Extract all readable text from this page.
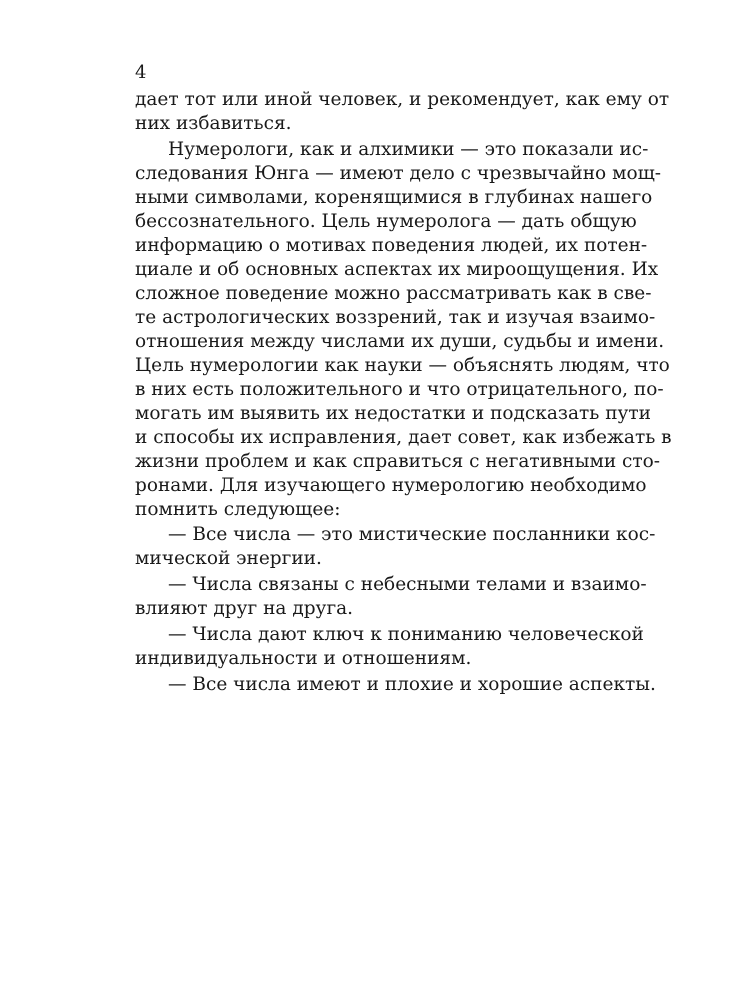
4

дает тот или иной человек, и рекомендует, как ему от

них избавиться.

Нумерологи, как и алхимики — это показали ис-

следования Юнга — имеют дело с чрезвычайно мощ-

ными символами, коренящимися в глубинах нашего

бессознательного. Цель нумеролога — дать общую

информацию о мотивах поведения людей, их потен-

циале и об основных аспектах их мироощущения. Их

сложное поведение можно рассматривать как в све-

те астрологических воззрений, так и изучая взаимо-

отношения между числами их души, судьбы и имени.

Цель нумерологии как науки — объяснять людям, что

в них есть положительного и что отрицательного, по-

могать им выявить их недостатки и подсказать пути

и способы их исправления, дает совет, как избежать в

жизни проблем и как справиться с негативными сто-

ронами. Для изучающего нумерологию необходимо

помнить следующее:

— Все числа — это мистические посланники кос-

мической энергии.

— Числа связаны с небесными телами и взаимо-

влияют друг на друга.

— Числа дают ключ к пониманию человеческой

индивидуальности и отношениям.

— Все числа имеют и плохие и хорошие аспекты.
